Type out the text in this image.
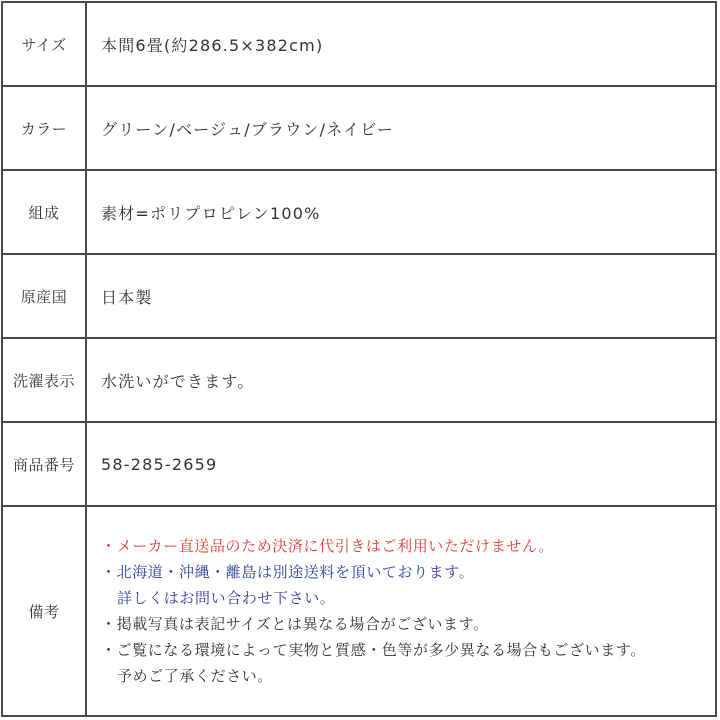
サイズ	本間6畳(約286.5×382cm)
カラー	グリーン/ベージュ/ブラウン/ネイビー
組成	素材=ポリプロピレン100%
原産国	日本製
洗濯表示	水洗いができます。
商品番号	58-285-2659
備考
・メーカー直送品のため決済に代引きはご利用いただけません。
・北海道・沖縄・離島は別途送料を頂いております。
詳しくはお問い合わせ下さい。
・掲載写真は表記サイズとは異なる場合がございます。
・ご覧になる環境によって実物と質感・色等が多少異なる場合もございます。
予めご了承ください。
